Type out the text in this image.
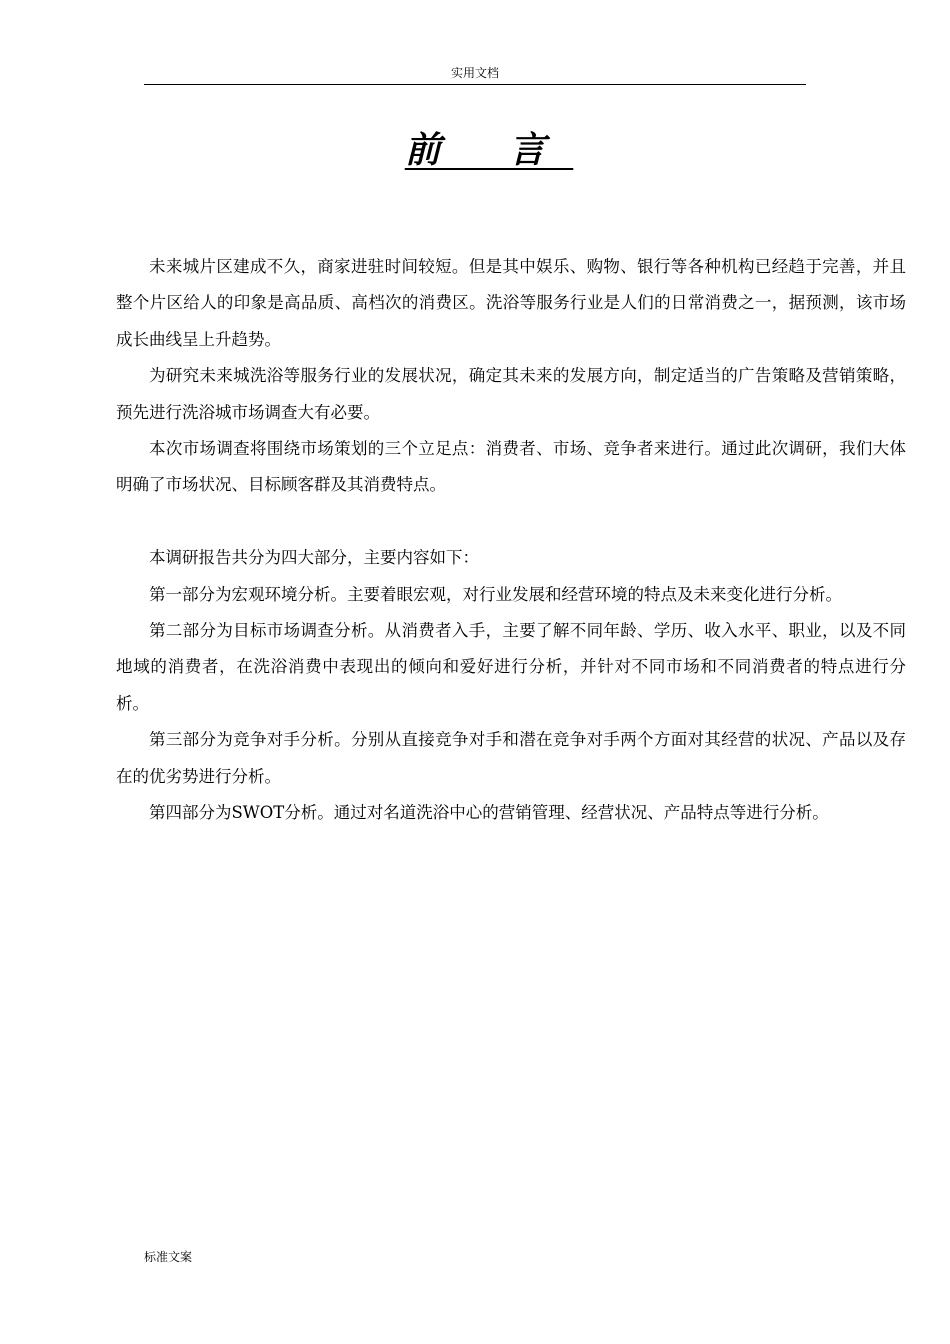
实用文档
前 言

未来城片区建成不久，商家进驻时间较短。但是其中娱乐、购物、银行等各种机构已经趋于完善，并且整个片区给人的印象是高品质、高档次的消费区。洗浴等服务行业是人们的日常消费之一，据预测，该市场成长曲线呈上升趋势。

为研究未来城洗浴等服务行业的发展状况，确定其未来的发展方向，制定适当的广告策略及营销策略，预先进行洗浴城市场调查大有必要。

本次市场调查将围绕市场策划的三个立足点：消费者、市场、竞争者来进行。通过此次调研，我们大体明确了市场状况、目标顾客群及其消费特点。

本调研报告共分为四大部分，主要内容如下：

第一部分为宏观环境分析。主要着眼宏观，对行业发展和经营环境的特点及未来变化进行分析。

第二部分为目标市场调查分析。从消费者入手，主要了解不同年龄、学历、收入水平、职业，以及不同地域的消费者，在洗浴消费中表现出的倾向和爱好进行分析，并针对不同市场和不同消费者的特点进行分析。

第三部分为竞争对手分析。分别从直接竞争对手和潜在竞争对手两个方面对其经营的状况、产品以及存在的优劣势进行分析。

第四部分为SWOT分析。通过对名道洗浴中心的营销管理、经营状况、产品特点等进行分析。

标准文案
